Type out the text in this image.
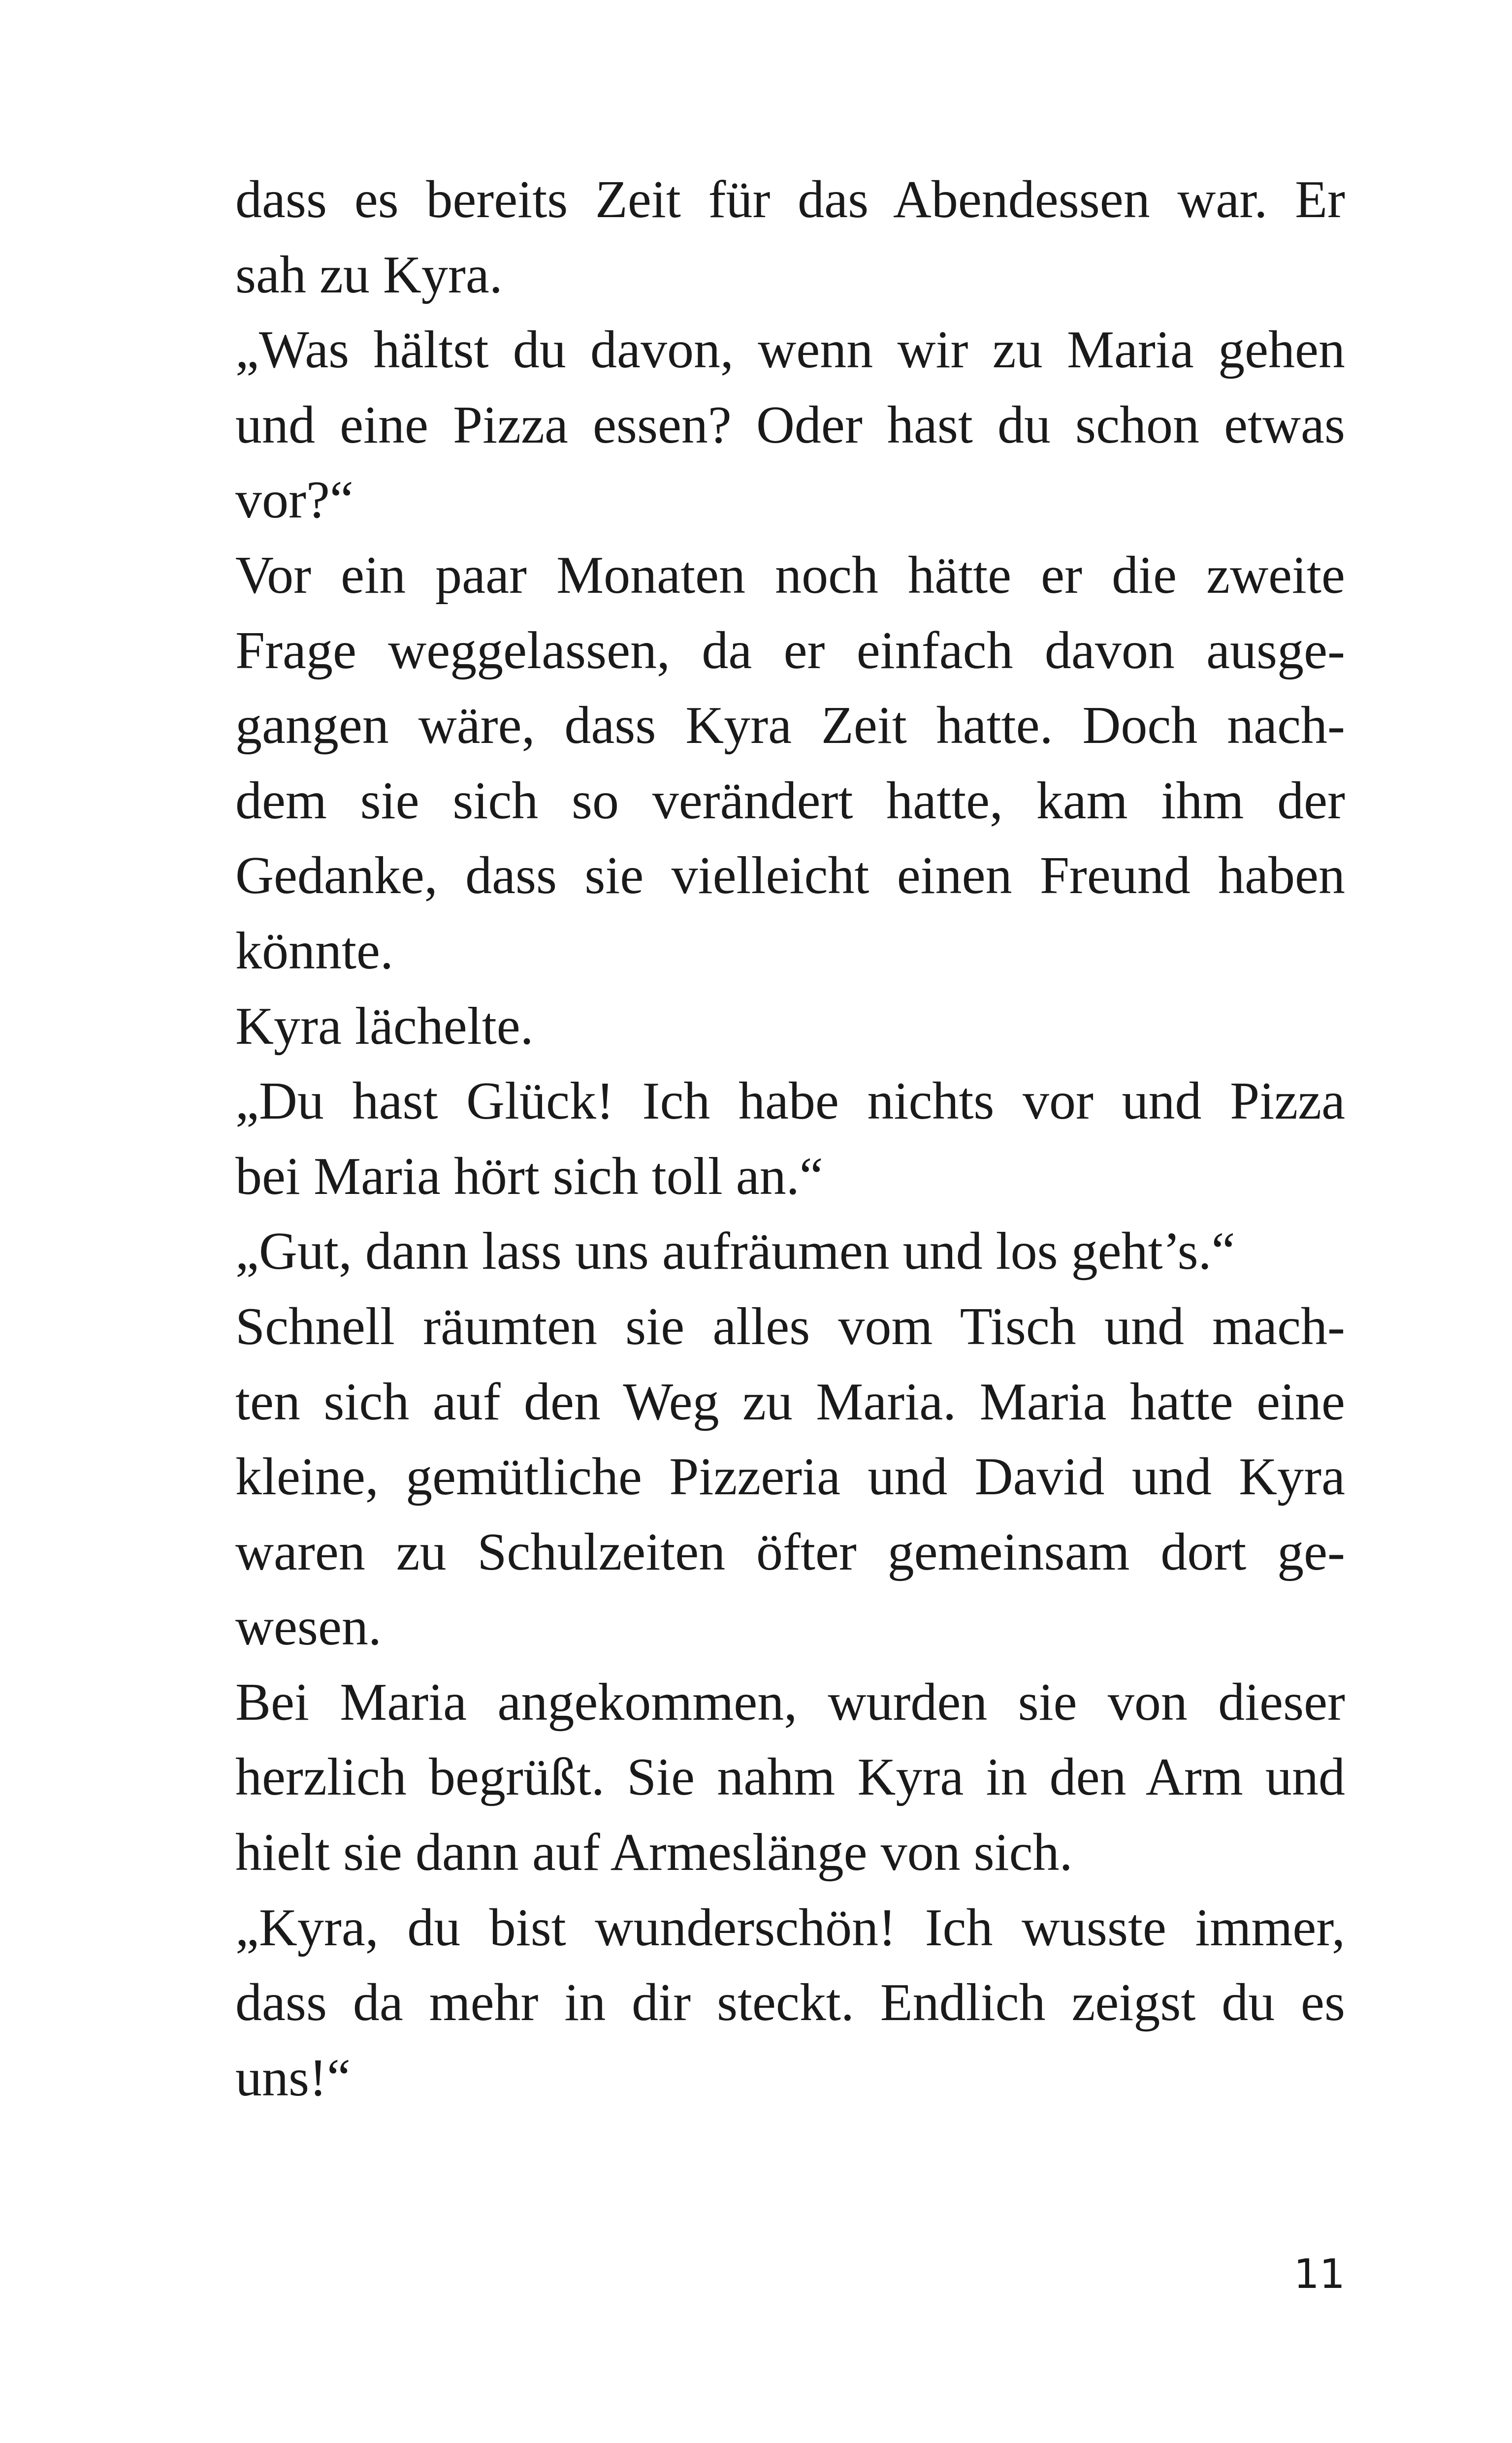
dass es bereits Zeit für das Abendessen war. Er
sah zu Kyra.
„Was hältst du davon, wenn wir zu Maria gehen
und eine Pizza essen? Oder hast du schon etwas
vor?“
Vor ein paar Monaten noch hätte er die zweite
Frage weggelassen, da er einfach davon ausge-
gangen wäre, dass Kyra Zeit hatte. Doch nach-
dem sie sich so verändert hatte, kam ihm der
Gedanke, dass sie vielleicht einen Freund haben
könnte.
Kyra lächelte.
„Du hast Glück! Ich habe nichts vor und Pizza
bei Maria hört sich toll an.“
„Gut, dann lass uns aufräumen und los geht’s.“
Schnell räumten sie alles vom Tisch und mach-
ten sich auf den Weg zu Maria. Maria hatte eine
kleine, gemütliche Pizzeria und David und Kyra
waren zu Schulzeiten öfter gemeinsam dort ge-
wesen.
Bei Maria angekommen, wurden sie von dieser
herzlich begrüßt. Sie nahm Kyra in den Arm und
hielt sie dann auf Armeslänge von sich.
„Kyra, du bist wunderschön! Ich wusste immer,
dass da mehr in dir steckt. Endlich zeigst du es
uns!“
11
